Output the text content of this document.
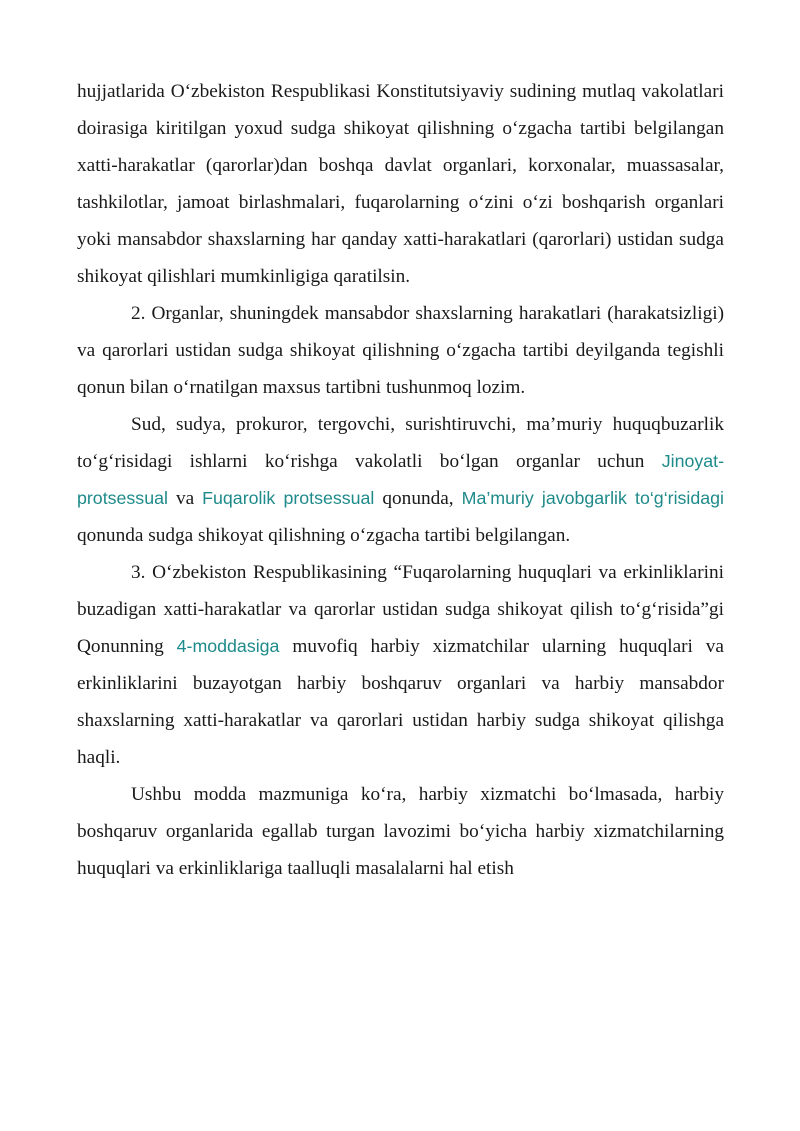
hujjatlarida O‘zbekiston Respublikasi Konstitutsiyaviy sudining mutlaq vakolatlari doirasiga kiritilgan yoxud sudga shikoyat qilishning o‘zgacha tartibi belgilangan xatti-harakatlar (qarorlar)dan boshqa davlat organlari, korxonalar, muassasalar, tashkilotlar, jamoat birlashmalari, fuqarolarning o‘zini o‘zi boshqarish organlari yoki mansabdor shaxslarning har qanday xatti-harakatlari (qarorlari) ustidan sudga shikoyat qilishlari mumkinligiga qaratilsin.

2. Organlar, shuningdek mansabdor shaxslarning harakatlari (harakatsizligi) va qarorlari ustidan sudga shikoyat qilishning o‘zgacha tartibi deyilganda tegishli qonun bilan o‘rnatilgan maxsus tartibni tushunmoq lozim.

Sud, sudya, prokuror, tergovchi, surishtiruvchi, ma’muriy huquqbuzarlik to‘g‘risidagi ishlarni ko‘rishga vakolatli bo‘lgan organlar uchun Jinoyat-protsessual va Fuqarolik protsessual qonunda, Ma’muriy javobgarlik to‘g‘risidagi qonunda sudga shikoyat qilishning o‘zgacha tartibi belgilangan.

3. O‘zbekiston Respublikasining “Fuqarolarning huquqlari va erkinliklarini buzadigan xatti-harakatlar va qarorlar ustidan sudga shikoyat qilish to‘g‘risida”gi Qonunning 4-moddasiga muvofiq harbiy xizmatchilar ularning huquqlari va erkinliklarini buzayotgan harbiy boshqaruv organlari va harbiy mansabdor shaxslarning xatti-harakatlar va qarorlari ustidan harbiy sudga shikoyat qilishga haqli.

Ushbu modda mazmuniga ko‘ra, harbiy xizmatchi bo‘lmasada, harbiy boshqaruv organlarida egallab turgan lavozimi bo‘yicha harbiy xizmatchilarning huquqlari va erkinliklariga taalluqli masalalarni hal etish
